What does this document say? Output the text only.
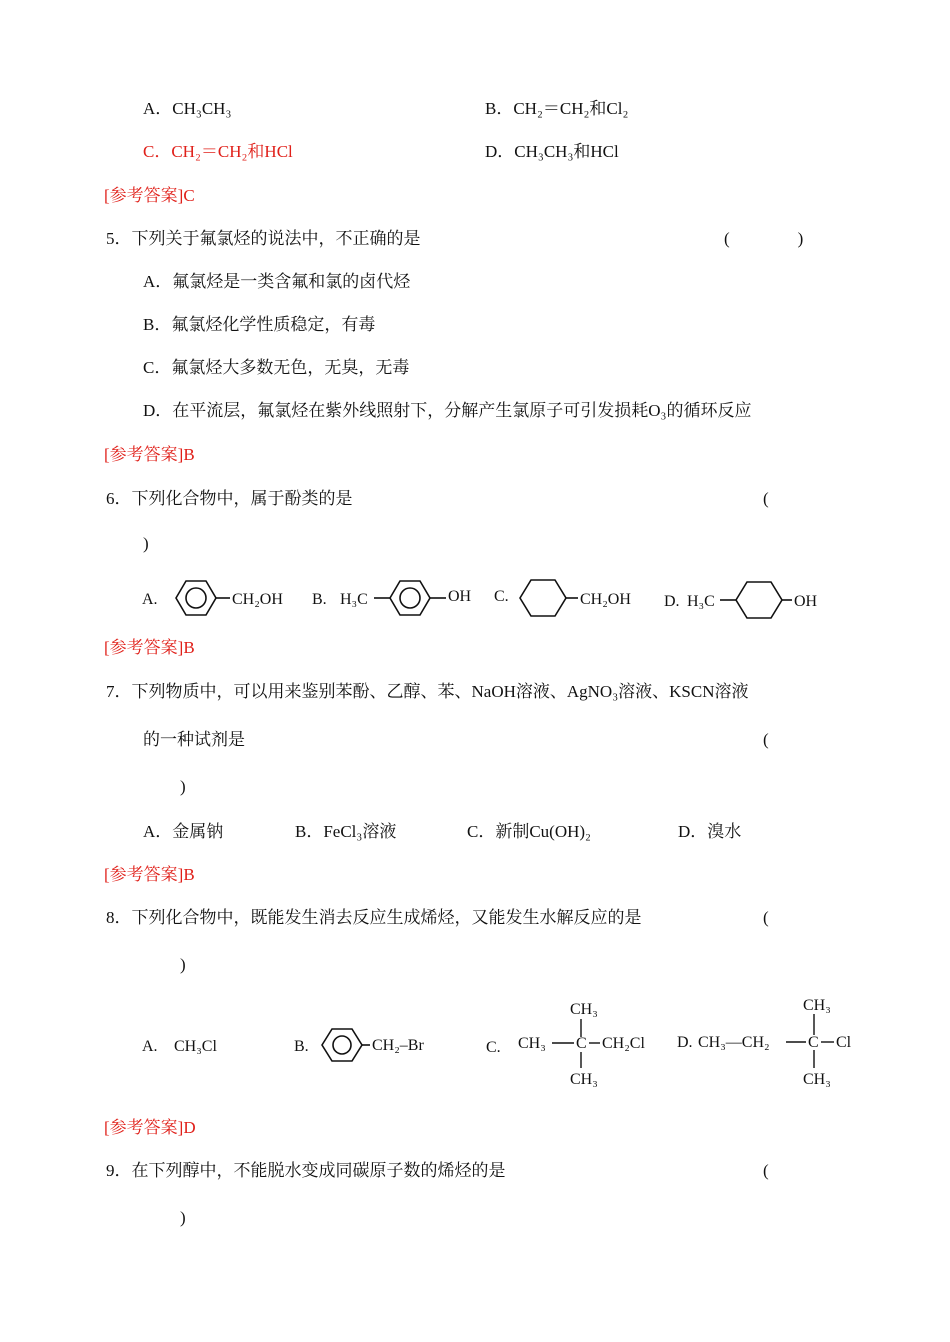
A．CH₃CH₃	B．CH₂＝CH₂和Cl₂
C．CH₂＝CH₂和HCl	D．CH₃CH₃和HCl
[参考答案]C
5．下列关于氟氯烃的说法中，不正确的是	(　　　　)
A．氟氯烃是一类含氟和氯的卤代烃
B．氟氯烃化学性质稳定，有毒
C．氟氯烃大多数无色，无臭，无毒
D．在平流层，氟氯烃在紫外线照射下，分解产生氯原子可引发损耗O₃的循环反应
[参考答案]B
6．下列化合物中，属于酚类的是	(
)
A.	CH₂OH B. H₃C	OH C.	CH₂OH D. H₃C	OH
[参考答案]B
7．下列物质中，可以用来鉴别苯酚、乙醇、苯、NaOH溶液、AgNO₃溶液、KSCN溶液
的一种试剂是	(
)
A．金属钠	B．FeCl₃溶液	C．新制Cu(OH)₂	D．溴水
[参考答案]B
8．下列化合物中，既能发生消去反应生成烯烃，又能发生水解反应的是	(
)
A. CH₃Cl	B.	CH₂–Br	C.
CH₃
CH₃ C CH₂Cl
CH₃
D. CH₃—CH₂ C Cl
CH₃
CH₃
[参考答案]D
9．在下列醇中，不能脱水变成同碳原子数的烯烃的是	(
)
